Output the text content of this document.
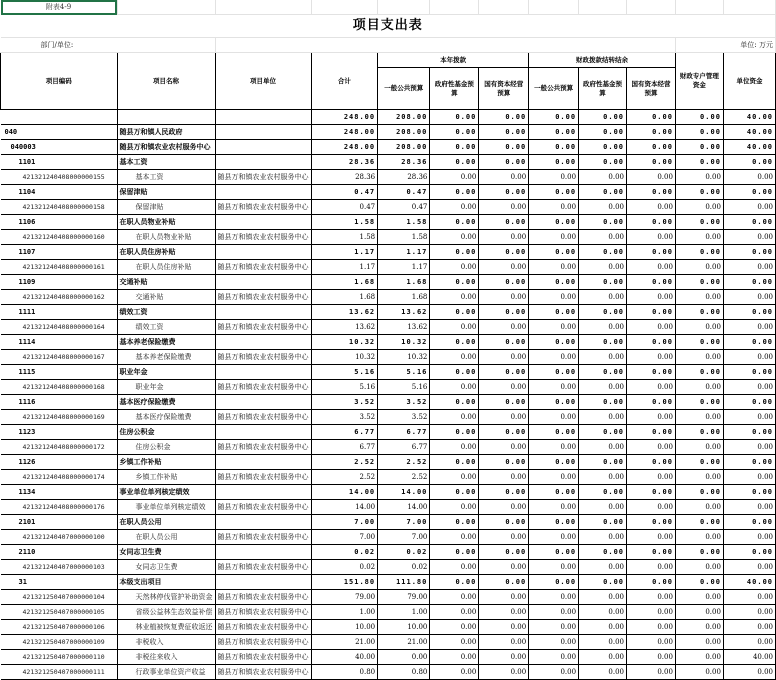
附表4-9											
项目支出表											
部门/单位:										单位: 万元	
项目编码	项目名称	项目单位	合计	本年拨款			财政拨款结转结余			财政专户管理资金	单位资金
				一般公共预算	政府性基金预算	国有资本经营预算	一般公共预算	政府性基金预算	国有资本经营预算		

			248.00	208.00	0.00	0.00	0.00	0.00	0.00	0.00	40.00
040	随县万和镇人民政府		248.00	208.00	0.00	0.00	0.00	0.00	0.00	0.00	40.00
040003	随县万和镇农业农村服务中心		248.00	208.00	0.00	0.00	0.00	0.00	0.00	0.00	40.00
1101	基本工资		28.36	28.36	0.00	0.00	0.00	0.00	0.00	0.00	0.00
421321240408000000155	基本工资	随县万和镇农业农村服务中心	28.36	28.36	0.00	0.00	0.00	0.00	0.00	0.00	0.00
1104	保留津贴		0.47	0.47	0.00	0.00	0.00	0.00	0.00	0.00	0.00
421321240408000000158	保留津贴	随县万和镇农业农村服务中心	0.47	0.47	0.00	0.00	0.00	0.00	0.00	0.00	0.00
1106	在职人员物业补贴		1.58	1.58	0.00	0.00	0.00	0.00	0.00	0.00	0.00
421321240408000000160	在职人员物业补贴	随县万和镇农业农村服务中心	1.58	1.58	0.00	0.00	0.00	0.00	0.00	0.00	0.00
1107	在职人员住房补贴		1.17	1.17	0.00	0.00	0.00	0.00	0.00	0.00	0.00
421321240408000000161	在职人员住房补贴	随县万和镇农业农村服务中心	1.17	1.17	0.00	0.00	0.00	0.00	0.00	0.00	0.00
1109	交通补贴		1.68	1.68	0.00	0.00	0.00	0.00	0.00	0.00	0.00
421321240408000000162	交通补贴	随县万和镇农业农村服务中心	1.68	1.68	0.00	0.00	0.00	0.00	0.00	0.00	0.00
1111	绩效工资		13.62	13.62	0.00	0.00	0.00	0.00	0.00	0.00	0.00
421321240408000000164	绩效工资	随县万和镇农业农村服务中心	13.62	13.62	0.00	0.00	0.00	0.00	0.00	0.00	0.00
1114	基本养老保险缴费		10.32	10.32	0.00	0.00	0.00	0.00	0.00	0.00	0.00
421321240408000000167	基本养老保险缴费	随县万和镇农业农村服务中心	10.32	10.32	0.00	0.00	0.00	0.00	0.00	0.00	0.00
1115	职业年金		5.16	5.16	0.00	0.00	0.00	0.00	0.00	0.00	0.00
421321240408000000168	职业年金	随县万和镇农业农村服务中心	5.16	5.16	0.00	0.00	0.00	0.00	0.00	0.00	0.00
1116	基本医疗保险缴费		3.52	3.52	0.00	0.00	0.00	0.00	0.00	0.00	0.00
421321240408000000169	基本医疗保险缴费	随县万和镇农业农村服务中心	3.52	3.52	0.00	0.00	0.00	0.00	0.00	0.00	0.00
1123	住房公积金		6.77	6.77	0.00	0.00	0.00	0.00	0.00	0.00	0.00
421321240408000000172	住房公积金	随县万和镇农业农村服务中心	6.77	6.77	0.00	0.00	0.00	0.00	0.00	0.00	0.00
1126	乡镇工作补贴		2.52	2.52	0.00	0.00	0.00	0.00	0.00	0.00	0.00
421321240408000000174	乡镇工作补贴	随县万和镇农业农村服务中心	2.52	2.52	0.00	0.00	0.00	0.00	0.00	0.00	0.00
1134	事业单位单列核定绩效		14.00	14.00	0.00	0.00	0.00	0.00	0.00	0.00	0.00
421321240408000000176	事业单位单列核定绩效	随县万和镇农业农村服务中心	14.00	14.00	0.00	0.00	0.00	0.00	0.00	0.00	0.00
2101	在职人员公用		7.00	7.00	0.00	0.00	0.00	0.00	0.00	0.00	0.00
421321240407000000100	在职人员公用	随县万和镇农业农村服务中心	7.00	7.00	0.00	0.00	0.00	0.00	0.00	0.00	0.00
2110	女同志卫生费		0.02	0.02	0.00	0.00	0.00	0.00	0.00	0.00	0.00
421321240407000000103	女同志卫生费	随县万和镇农业农村服务中心	0.02	0.02	0.00	0.00	0.00	0.00	0.00	0.00	0.00
31	本级支出项目		151.80	111.80	0.00	0.00	0.00	0.00	0.00	0.00	40.00
421321250407000000104	天然林停伐管护补助资金	随县万和镇农业农村服务中心	79.00	79.00	0.00	0.00	0.00	0.00	0.00	0.00	0.00
421321250407000000105	省级公益林生态效益补偿	随县万和镇农业农村服务中心	1.00	1.00	0.00	0.00	0.00	0.00	0.00	0.00	0.00
421321250407000000106	林业植被恢复费征收返还	随县万和镇农业农村服务中心	10.00	10.00	0.00	0.00	0.00	0.00	0.00	0.00	0.00
421321250407000000109	非税收入	随县万和镇农业农村服务中心	21.00	21.00	0.00	0.00	0.00	0.00	0.00	0.00	0.00
421321250407000000110	非税往来收入	随县万和镇农业农村服务中心	40.00	0.00	0.00	0.00	0.00	0.00	0.00	0.00	40.00
421321250407000000111	行政事业单位资产收益	随县万和镇农业农村服务中心	0.80	0.80	0.00	0.00	0.00	0.00	0.00	0.00	0.00
